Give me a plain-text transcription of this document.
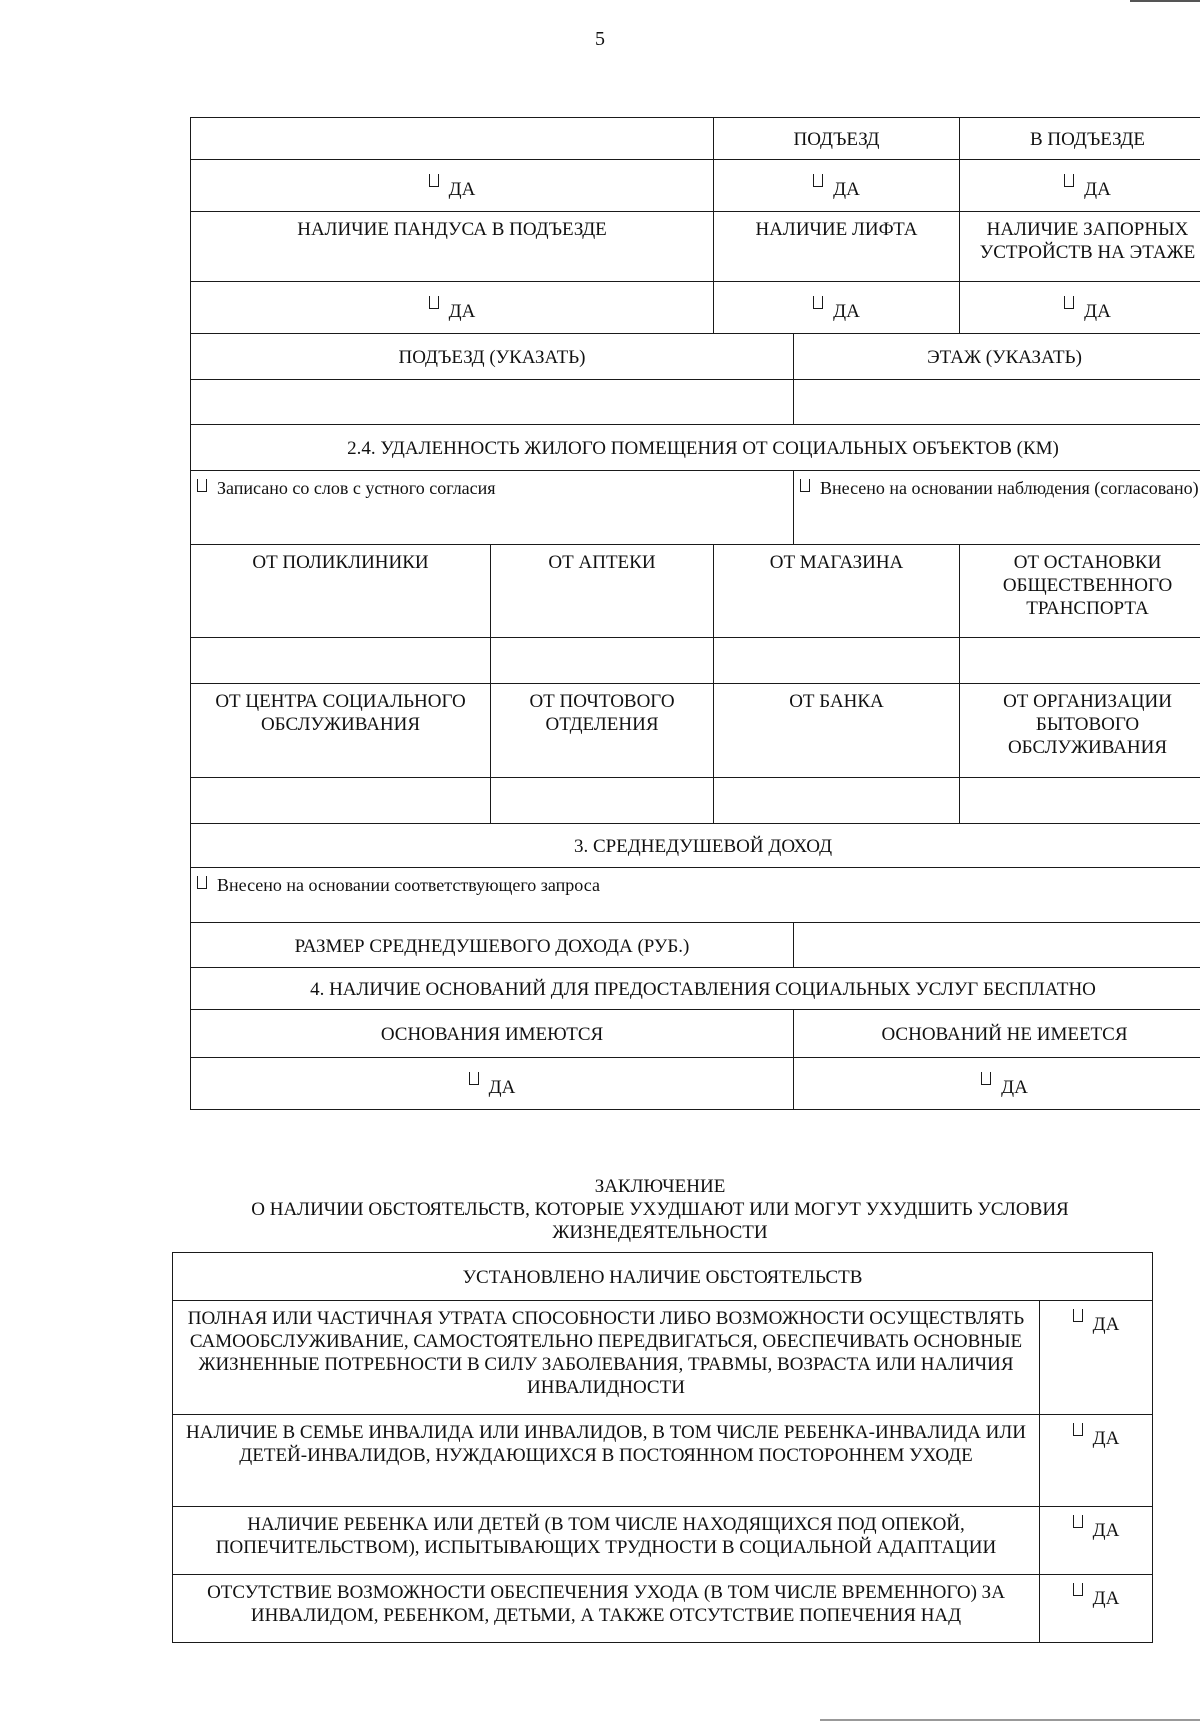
5
		ПОДЪЕЗД		В ПОДЪЕЗДЕ
ДА		ДА		ДА
НАЛИЧИЕ ПАНДУСА В ПОДЪЕЗДЕ		НАЛИЧИЕ ЛИФТА		НАЛИЧИЕ ЗАПОРНЫХ УСТРОЙСТВ НА ЭТАЖЕ
ДА		ДА		ДА
ПОДЪЕЗД (УКАЗАТЬ)			ЭТАЖ (УКАЗАТЬ)	

2.4. УДАЛЕННОСТЬ ЖИЛОГО ПОМЕЩЕНИЯ ОТ СОЦИАЛЬНЫХ ОБЪЕКТОВ (КМ)				
Записано со слов с устного согласия			Внесено на основании наблюдения (согласовано)	
ОТ ПОЛИКЛИНИКИ	ОТ АПТЕКИ	ОТ МАГАЗИНА		ОТ ОСТАНОВКИ ОБЩЕСТВЕННОГО ТРАНСПОРТА

ОТ ЦЕНТРА СОЦИАЛЬНОГО ОБСЛУЖИВАНИЯ	ОТ ПОЧТОВОГО ОТДЕЛЕНИЯ	ОТ БАНКА		ОТ ОРГАНИЗАЦИИ БЫТОВОГО ОБСЛУЖИВАНИЯ

3. СРЕДНЕДУШЕВОЙ ДОХОД				
Внесено на основании соответствующего запроса				
РАЗМЕР СРЕДНЕДУШЕВОГО ДОХОДА (РУБ.)				
4. НАЛИЧИЕ ОСНОВАНИЙ ДЛЯ ПРЕДОСТАВЛЕНИЯ СОЦИАЛЬНЫХ УСЛУГ БЕСПЛАТНО				
ОСНОВАНИЯ ИМЕЮТСЯ			ОСНОВАНИЙ НЕ ИМЕЕТСЯ	
ДА			ДА	
ЗАКЛЮЧЕНИЕ
О НАЛИЧИИ ОБСТОЯТЕЛЬСТВ, КОТОРЫЕ УХУДШАЮТ ИЛИ МОГУТ УХУДШИТЬ УСЛОВИЯ
ЖИЗНЕДЕЯТЕЛЬНОСТИ
УСТАНОВЛЕНО НАЛИЧИЕ ОБСТОЯТЕЛЬСТВ	
ПОЛНАЯ ИЛИ ЧАСТИЧНАЯ УТРАТА СПОСОБНОСТИ ЛИБО ВОЗМОЖНОСТИ ОСУЩЕСТВЛЯТЬ САМООБСЛУЖИВАНИЕ, САМОСТОЯТЕЛЬНО ПЕРЕДВИГАТЬСЯ, ОБЕСПЕЧИВАТЬ ОСНОВНЫЕ ЖИЗНЕННЫЕ ПОТРЕБНОСТИ В СИЛУ ЗАБОЛЕВАНИЯ, ТРАВМЫ, ВОЗРАСТА ИЛИ НАЛИЧИЯ ИНВАЛИДНОСТИ	ДА
НАЛИЧИЕ В СЕМЬЕ ИНВАЛИДА ИЛИ ИНВАЛИДОВ, В ТОМ ЧИСЛЕ РЕБЕНКА-ИНВАЛИДА ИЛИ ДЕТЕЙ-ИНВАЛИДОВ, НУЖДАЮЩИХСЯ В ПОСТОЯННОМ ПОСТОРОННЕМ УХОДЕ	ДА
НАЛИЧИЕ РЕБЕНКА ИЛИ ДЕТЕЙ (В ТОМ ЧИСЛЕ НАХОДЯЩИХСЯ ПОД ОПЕКОЙ, ПОПЕЧИТЕЛЬСТВОМ), ИСПЫТЫВАЮЩИХ ТРУДНОСТИ В СОЦИАЛЬНОЙ АДАПТАЦИИ	ДА
ОТСУТСТВИЕ ВОЗМОЖНОСТИ ОБЕСПЕЧЕНИЯ УХОДА (В ТОМ ЧИСЛЕ ВРЕМЕННОГО) ЗА ИНВАЛИДОМ, РЕБЕНКОМ, ДЕТЬМИ, А ТАКЖЕ ОТСУТСТВИЕ ПОПЕЧЕНИЯ НАД	ДА
